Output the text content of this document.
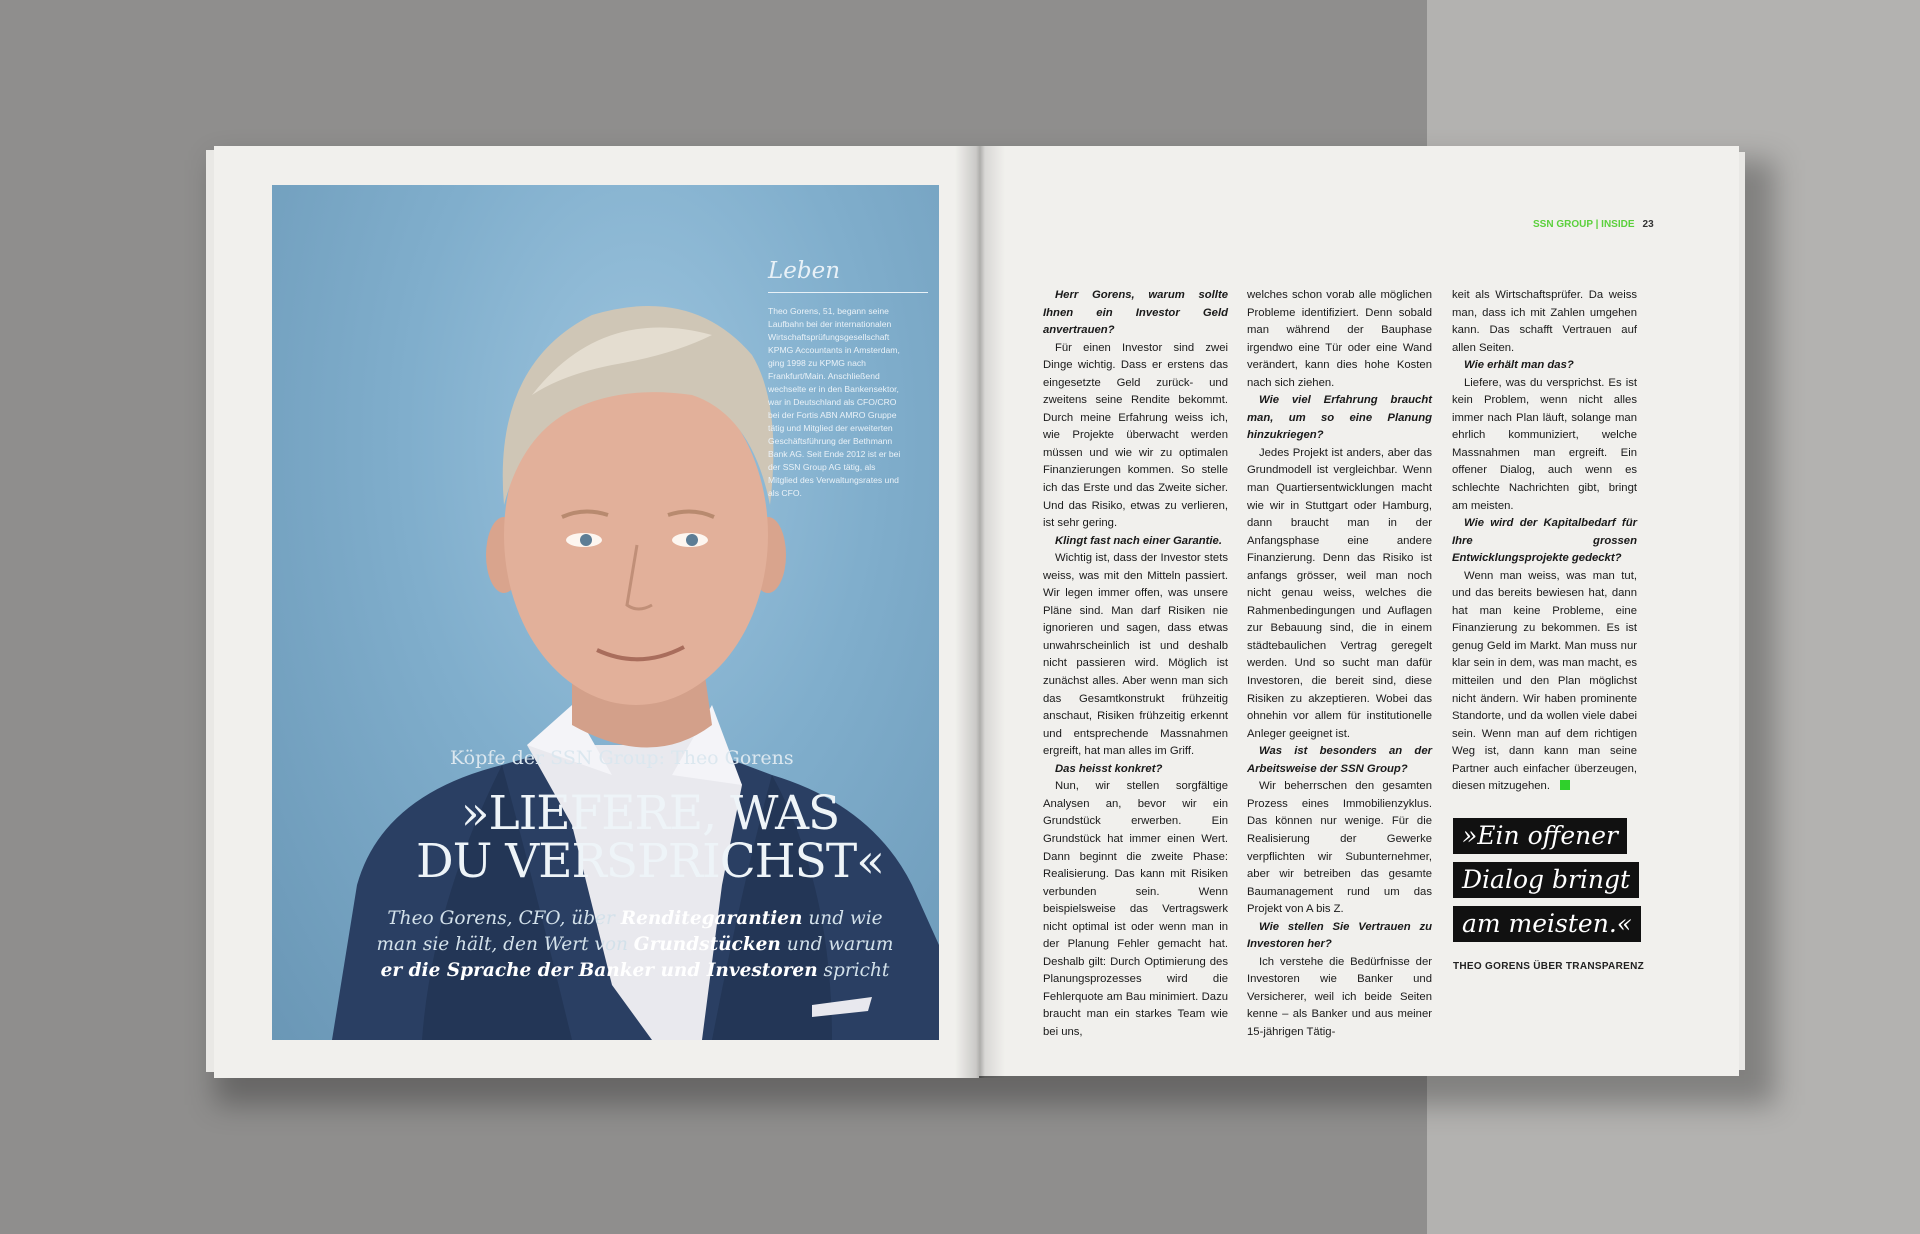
Leben
Theo Gorens, 51, begann seine Laufbahn bei der internationalen Wirtschaftsprüfungsgesellschaft KPMG Accountants in Amsterdam, ging 1998 zu KPMG nach Frankfurt/Main. Anschließend wechselte er in den Bankensektor, war in Deutschland als CFO/CRO bei der Fortis ABN AMRO Gruppe tätig und Mitglied der erweiterten Geschäftsführung der Bethmann Bank AG. Seit Ende 2012 ist er bei der SSN Group AG tätig, als Mitglied des Verwaltungsrates und als CFO.
Köpfe der SSN Group: Theo Gorens
»LIEFERE, WAS
DU VERSPRICHST«
Theo Gorens, CFO, über Renditegarantien und wie man sie hält, den Wert von Grundstücken und warum er die Sprache der Banker und Investoren spricht
SSN GROUP | INSIDE 23

Herr Gorens, warum sollte Ihnen ein Investor Geld anvertrauen?

Für einen Investor sind zwei Dinge wichtig. Dass er erstens das eingesetzte Geld zurück- und zweitens seine Rendite bekommt. Durch meine Erfahrung weiss ich, wie Projekte überwacht werden müssen und wie wir zu optimalen Finanzierungen kommen. So stelle ich das Erste und das Zweite sicher. Und das Risiko, etwas zu verlieren, ist sehr gering.

Klingt fast nach einer Garantie.

Wichtig ist, dass der Investor stets weiss, was mit den Mitteln passiert. Wir legen immer offen, was unsere Pläne sind. Man darf Risiken nie ignorieren und sagen, dass etwas unwahrscheinlich ist und deshalb nicht passieren wird. Möglich ist zunächst alles. Aber wenn man sich das Gesamtkonstrukt frühzeitig anschaut, Risiken frühzeitig erkennt und entsprechende Massnahmen ergreift, hat man alles im Griff.

Das heisst konkret?

Nun, wir stellen sorgfältige Analysen an, bevor wir ein Grundstück erwerben. Ein Grundstück hat immer einen Wert. Dann beginnt die zweite Phase: Realisierung. Das kann mit Risiken verbunden sein. Wenn beispielsweise das Vertragswerk nicht optimal ist oder wenn man in der Planung Fehler gemacht hat. Deshalb gilt: Durch Optimierung des Planungsprozesses wird die Fehlerquote am Bau minimiert. Dazu braucht man ein starkes Team wie bei uns,

welches schon vorab alle möglichen Probleme identifiziert. Denn sobald man während der Bauphase irgendwo eine Tür oder eine Wand verändert, kann dies hohe Kosten nach sich ziehen.

Wie viel Erfahrung braucht man, um so eine Planung hinzukriegen?

Jedes Projekt ist anders, aber das Grundmodell ist vergleichbar. Wenn man Quartiersentwicklungen macht wie wir in Stuttgart oder Hamburg, dann braucht man in der Anfangsphase eine andere Finanzierung. Denn das Risiko ist anfangs grösser, weil man noch nicht genau weiss, welches die Rahmenbedingungen und Auflagen zur Bebauung sind, die in einem städtebaulichen Vertrag geregelt werden. Und so sucht man dafür Investoren, die bereit sind, diese Risiken zu akzeptieren. Wobei das ohnehin vor allem für institutionelle Anleger geeignet ist.

Was ist besonders an der Arbeitsweise der SSN Group?

Wir beherrschen den gesamten Prozess eines Immobilienzyklus. Das können nur wenige. Für die Realisierung der Gewerke verpflichten wir Subunternehmer, aber wir betreiben das gesamte Baumanagement rund um das Projekt von A bis Z.

Wie stellen Sie Vertrauen zu Investoren her?

Ich verstehe die Bedürfnisse der Investoren wie Banker und Versicherer, weil ich beide Seiten kenne – als Banker und aus meiner 15-jährigen Tätig-

keit als Wirtschaftsprüfer. Da weiss man, dass ich mit Zahlen umgehen kann. Das schafft Vertrauen auf allen Seiten.

Wie erhält man das?

Liefere, was du versprichst. Es ist kein Problem, wenn nicht alles immer nach Plan läuft, solange man ehrlich kommuniziert, welche Massnahmen man ergreift. Ein offener Dialog, auch wenn es schlechte Nachrichten gibt, bringt am meisten.

Wie wird der Kapitalbedarf für Ihre grossen Entwicklungsprojekte gedeckt?

Wenn man weiss, was man tut, und das bereits bewiesen hat, dann hat man keine Probleme, eine Finanzierung zu bekommen. Es ist genug Geld im Markt. Man muss nur klar sein in dem, was man macht, es mitteilen und den Plan möglichst nicht ändern. Wir haben prominente Standorte, und da wollen viele dabei sein. Wenn man auf dem richtigen Weg ist, dann kann man seine Partner auch einfacher überzeugen, diesen mitzugehen.

»Ein offener
Dialog bringt
am meisten.«
THEO GORENS ÜBER TRANSPARENZ
